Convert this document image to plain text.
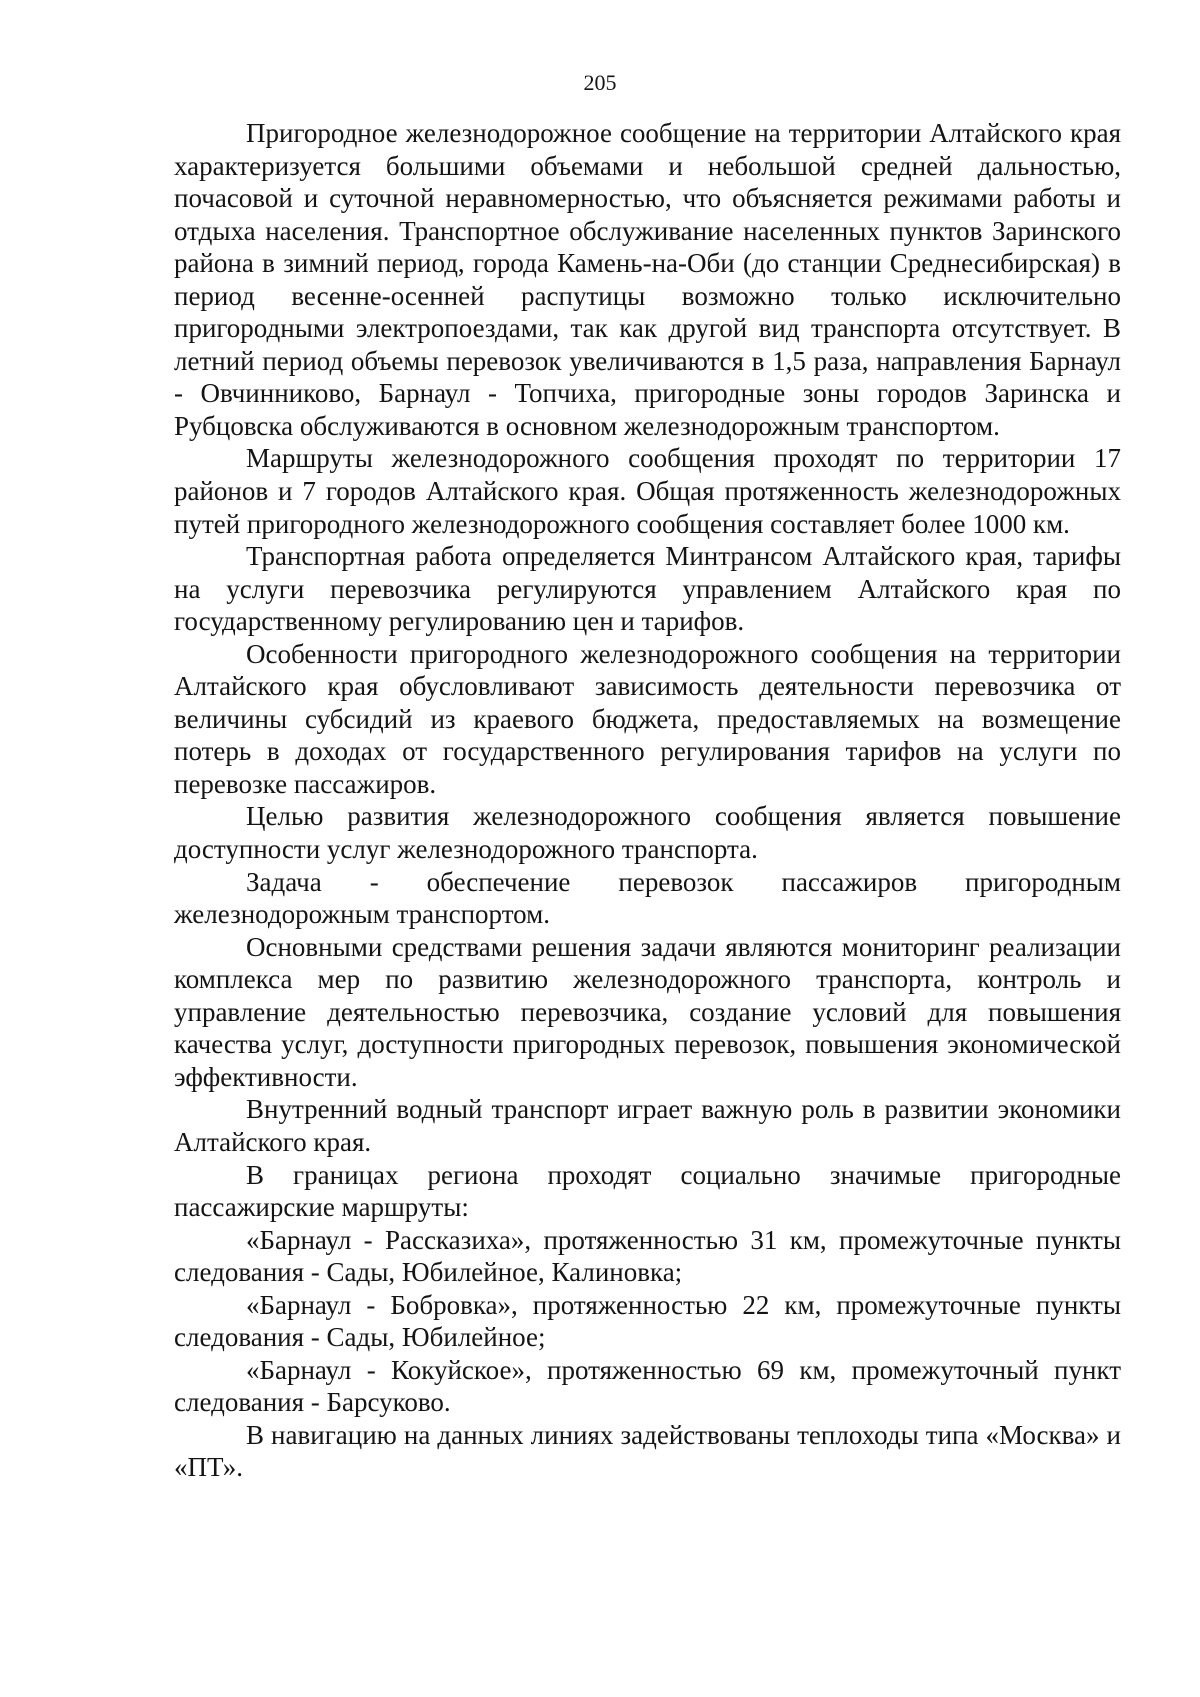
205

Пригородное железнодорожное сообщение на территории Алтайского края характеризуется большими объемами и небольшой средней дальностью, почасовой и суточной неравномерностью, что объясняется режимами работы и отдыха населения. Транспортное обслуживание населенных пунктов Заринского района в зимний период, города Камень-на-Оби (до станции Среднесибирская) в период весенне-осенней распутицы возможно только исключительно пригородными электропоездами, так как другой вид транспорта отсутствует. В летний период объемы перевозок увеличиваются в 1,5 раза, направления Барнаул - Овчинниково, Барнаул - Топчиха, пригородные зоны городов Заринска и Рубцовска обслуживаются в основном железнодорожным транспортом.

Маршруты железнодорожного сообщения проходят по территории 17 районов и 7 городов Алтайского края. Общая протяженность железнодорожных путей пригородного железнодорожного сообщения составляет более 1000 км.

Транспортная работа определяется Минтрансом Алтайского края, тарифы на услуги перевозчика регулируются управлением Алтайского края по государственному регулированию цен и тарифов.

Особенности пригородного железнодорожного сообщения на территории Алтайского края обусловливают зависимость деятельности перевозчика от величины субсидий из краевого бюджета, предоставляемых на возмещение потерь в доходах от государственного регулирования тарифов на услуги по перевозке пассажиров.

Целью развития железнодорожного сообщения является повышение доступности услуг железнодорожного транспорта.

Задача - обеспечение перевозок пассажиров пригородным железнодорожным транспортом.

Основными средствами решения задачи являются мониторинг реализации комплекса мер по развитию железнодорожного транспорта, контроль и управление деятельностью перевозчика, создание условий для повышения качества услуг, доступности пригородных перевозок, повышения экономической эффективности.

Внутренний водный транспорт играет важную роль в развитии экономики Алтайского края.

В границах региона проходят социально значимые пригородные пассажирские маршруты:

«Барнаул - Рассказиха», протяженностью 31 км, промежуточные пункты следования - Сады, Юбилейное, Калиновка;

«Барнаул - Бобровка», протяженностью 22 км, промежуточные пункты следования - Сады, Юбилейное;

«Барнаул - Кокуйское», протяженностью 69 км, промежуточный пункт следования - Барсуково.

В навигацию на данных линиях задействованы теплоходы типа «Москва» и «ПТ».
